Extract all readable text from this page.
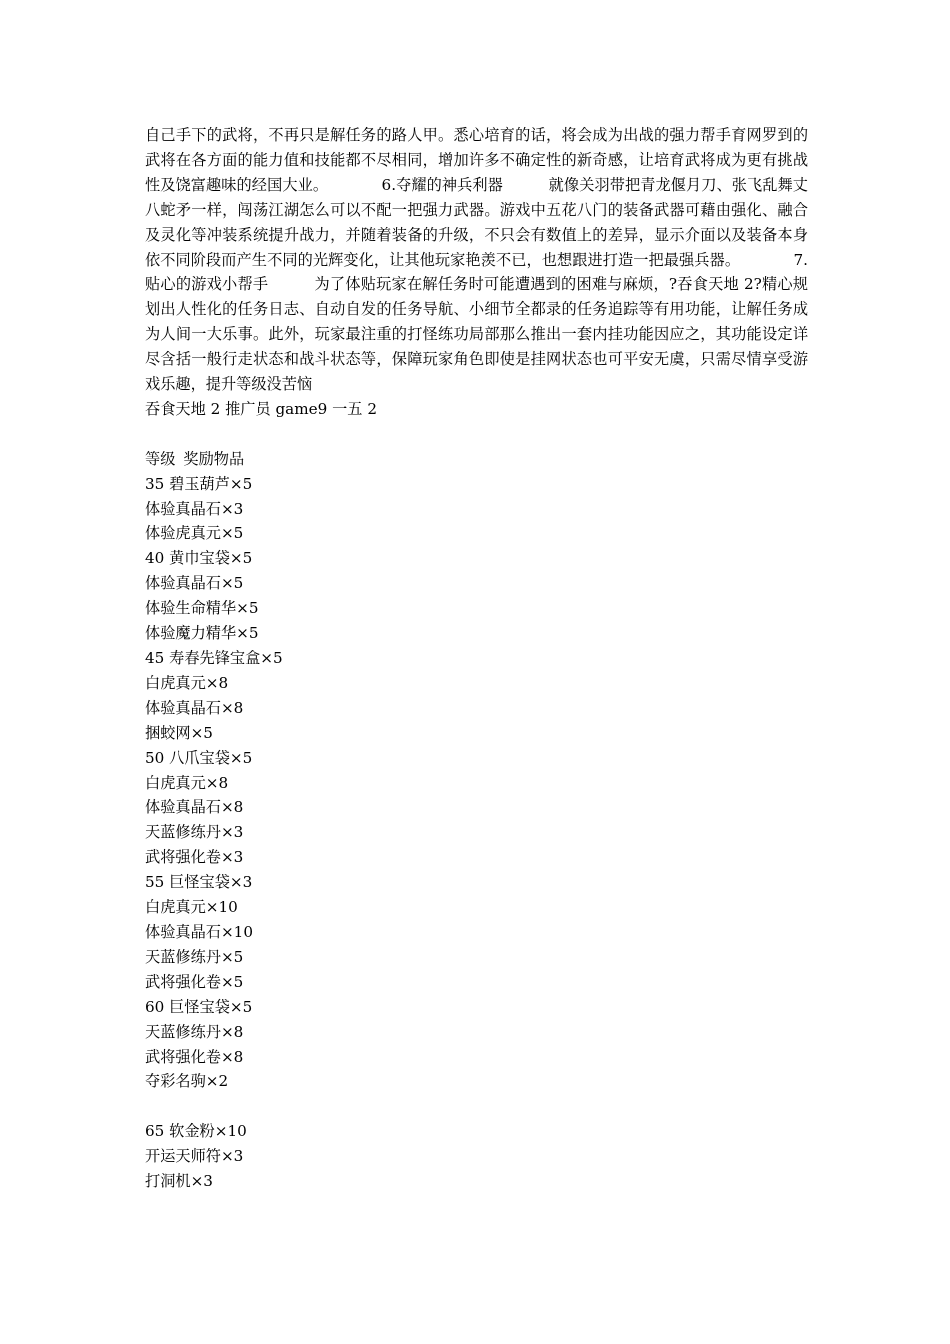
自己手下的武将，不再只是解任务的路人甲。悉心培育的话，将会成为出战的强力帮手育网罗到的武将在各方面的能力值和技能都不尽相同，增加许多不确定性的新奇感，让培育武将成为更有挑战性及饶富趣味的经国大业。　　　　6.夺耀的神兵利器　　　就像关羽带把青龙偃月刀、张飞乱舞丈八蛇矛一样，闯荡江湖怎么可以不配一把强力武器。游戏中五花八门的装备武器可藉由强化、融合及灵化等冲装系统提升战力，并随着装备的升级，不只会有数值上的差异，显示介面以及装备本身依不同阶段而产生不同的光辉变化，让其他玩家艳羡不已，也想跟进打造一把最强兵器。　　　　7.贴心的游戏小帮手　　　为了体贴玩家在解任务时可能遭遇到的困难与麻烦，?吞食天地 2?精心规划出人性化的任务日志、自动自发的任务导航、小细节全都录的任务追踪等有用功能，让解任务成为人间一大乐事。此外，玩家最注重的打怪练功局部那么推出一套内挂功能因应之，其功能设定详尽含括一般行走状态和战斗状态等，保障玩家角色即使是挂网状态也可平安无虞，只需尽情享受游戏乐趣，提升等级没苦恼

吞食天地 2 推广员 game9 一五 2

等级 奖励物品

35 碧玉葫芦×5

体验真晶石×3

体验虎真元×5

40 黄巾宝袋×5

体验真晶石×5

体验生命精华×5

体验魔力精华×5

45 寿春先锋宝盒×5

白虎真元×8

体验真晶石×8

捆蛟网×5

50 八爪宝袋×5

白虎真元×8

体验真晶石×8

天蓝修练丹×3

武将强化卷×3

55 巨怪宝袋×3

白虎真元×10

体验真晶石×10

天蓝修练丹×5

武将强化卷×5

60 巨怪宝袋×5

天蓝修练丹×8

武将强化卷×8

夺彩名驹×2

65 软金粉×10

开运天师符×3

打洞机×3
